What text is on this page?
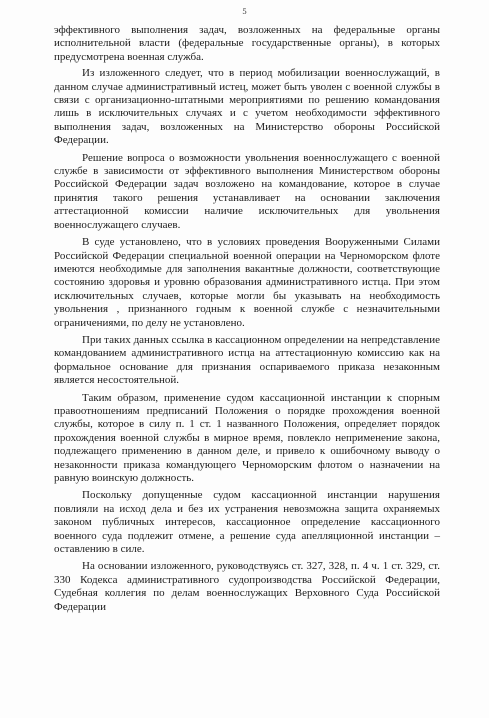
5

эффективного выполнения задач, возложенных на федеральные органы исполнительной власти (федеральные государственные органы), в которых предусмотрена военная служба.

Из изложенного следует, что в период мобилизации военнослужащий, в данном случае административный истец, может быть уволен с военной службы в связи с организационно-штатными мероприятиями по решению командования лишь в исключительных случаях и с учетом необходимости эффективного выполнения задач, возложенных на Министерство обороны Российской Федерации.

Решение вопроса о возможности увольнения военнослужащего с военной службе в зависимости от эффективного выполнения Министерством обороны Российской Федерации задач возложено на командование, которое в случае принятия такого решения устанавливает на основании заключения аттестационной комиссии наличие исключительных для увольнения военнослужащего случаев.

В суде установлено, что в условиях проведения Вооруженными Силами Российской Федерации специальной военной операции на Черноморском флоте имеются необходимые для заполнения вакантные должности, соответствующие состоянию здоровья и уровню образования административного истца. При этом исключительных случаев, которые могли бы указывать на необходимость увольнения , признанного годным к военной службе с незначительными ограничениями, по делу не установлено.

При таких данных ссылка в кассационном определении на непредставление командованием административного истца на аттестационную комиссию как на формальное основание для признания оспариваемого приказа незаконным является несостоятельной.

Таким образом, применение судом кассационной инстанции к спорным правоотношениям предписаний Положения о порядке прохождения военной службы, которое в силу п. 1 ст. 1 названного Положения, определяет порядок прохождения военной службы в мирное время, повлекло неприменение закона, подлежащего применению в данном деле, и привело к ошибочному выводу о незаконности приказа командующего Черноморским флотом о назначении на равную воинскую должность.

Поскольку допущенные судом кассационной инстанции нарушения повлияли на исход дела и без их устранения невозможна защита охраняемых законом публичных интересов, кассационное определение кассационного военного суда подлежит отмене, а решение суда апелляционной инстанции – оставлению в силе.

На основании изложенного, руководствуясь ст. 327, 328, п. 4 ч. 1 ст. 329, ст. 330 Кодекса административного судопроизводства Российской Федерации, Судебная коллегия по делам военнослужащих Верховного Суда Российской Федерации
